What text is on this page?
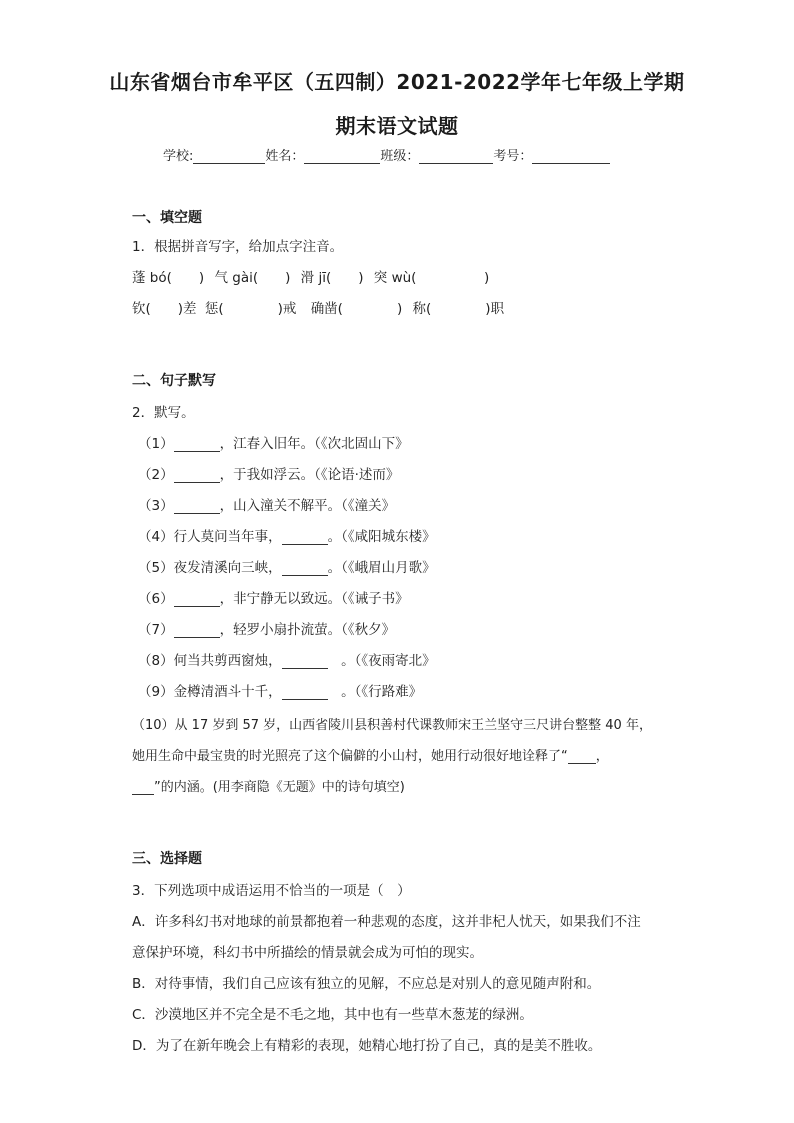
山东省烟台市牟平区（五四制）2021-2022学年七年级上学期
期末语文试题
学校:	姓名：	班级：	考号：
一、填空题
1．根据拼音写字，给加点字注音。
蓬 bó(　　) 气 gài(　　) 滑 jī(　　) 突 wù(　　　　　)
钦(　　)差 惩(　　　　)戒 确凿(　　　　) 称(　　　　)职
二、句子默写
2．默写。
（1）	，江春入旧年。（《次北固山下》
（2）	，于我如浮云。（《论语·述而》
（3）	，山入潼关不解平。（《潼关》
（4）行人莫问当年事，	。（《咸阳城东楼》
（5）夜发清溪向三峡，	。（《峨眉山月歌》
（6）	，非宁静无以致远。（《诫子书》
（7）	，轻罗小扇扑流萤。（《秋夕》
（8）何当共剪西窗烛，	　。（《夜雨寄北》
（9）金樽清酒斗十千，	　。（《行路难》
（10）从 17 岁到 57 岁，山西省陵川县积善村代课教师宋王兰坚守三尺讲台整整 40 年，
她用生命中最宝贵的时光照亮了这个偏僻的小山村，她用行动很好地诠释了“ ，
”的内涵。(用李商隐《无题》中的诗句填空)
三、选择题
3．下列选项中成语运用不恰当的一项是（　）
A．许多科幻书对地球的前景都抱着一种悲观的态度，这并非杞人忧天，如果我们不注
意保护环境，科幻书中所描绘的情景就会成为可怕的现实。
B．对待事情，我们自己应该有独立的见解，不应总是对别人的意见随声附和。
C．沙漠地区并不完全是不毛之地，其中也有一些草木葱茏的绿洲。
D．为了在新年晚会上有精彩的表现，她精心地打扮了自己，真的是美不胜收。
